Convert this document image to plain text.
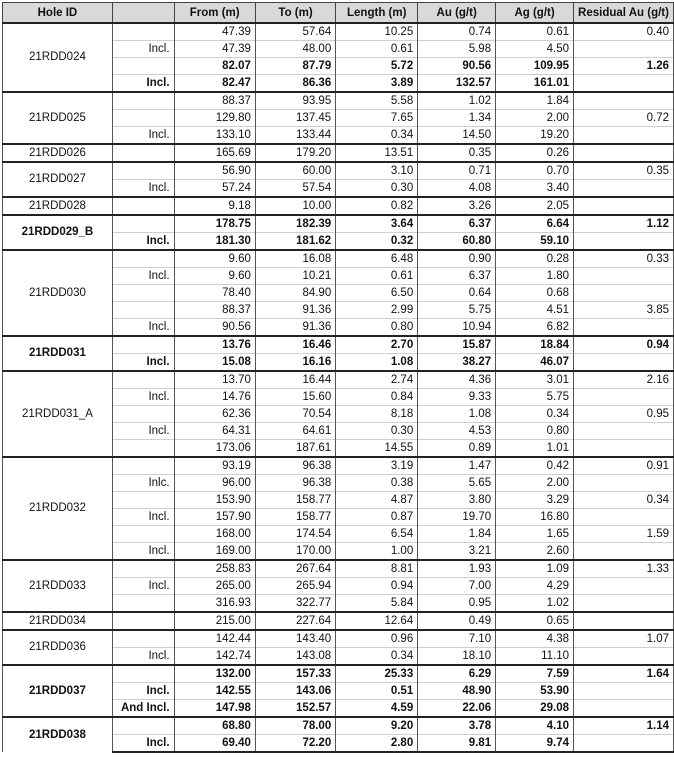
Hole ID		From (m)	To (m)	Length (m)	Au (g/t)	Ag (g/t)	Residual Au (g/t)
21RDD024		47.39	57.64	10.25	0.74	0.61	0.40
	Incl.	47.39	48.00	0.61	5.98	4.50	
		82.07	87.79	5.72	90.56	109.95	1.26
	Incl.	82.47	86.36	3.89	132.57	161.01	
21RDD025		88.37	93.95	5.58	1.02	1.84	
		129.80	137.45	7.65	1.34	2.00	0.72
	Incl.	133.10	133.44	0.34	14.50	19.20	
21RDD026		165.69	179.20	13.51	0.35	0.26	
21RDD027		56.90	60.00	3.10	0.71	0.70	0.35
	Incl.	57.24	57.54	0.30	4.08	3.40	
21RDD028		9.18	10.00	0.82	3.26	2.05	
21RDD029_B		178.75	182.39	3.64	6.37	6.64	1.12
	Incl.	181.30	181.62	0.32	60.80	59.10	
21RDD030		9.60	16.08	6.48	0.90	0.28	0.33
	Incl.	9.60	10.21	0.61	6.37	1.80	
		78.40	84.90	6.50	0.64	0.68	
		88.37	91.36	2.99	5.75	4.51	3.85
	Incl.	90.56	91.36	0.80	10.94	6.82	
21RDD031		13.76	16.46	2.70	15.87	18.84	0.94
	Incl.	15.08	16.16	1.08	38.27	46.07	
21RDD031_A		13.70	16.44	2.74	4.36	3.01	2.16
	Incl.	14.76	15.60	0.84	9.33	5.75	
		62.36	70.54	8.18	1.08	0.34	0.95
	Incl.	64.31	64.61	0.30	4.53	0.80	
		173.06	187.61	14.55	0.89	1.01	
21RDD032		93.19	96.38	3.19	1.47	0.42	0.91
	Inlc.	96.00	96.38	0.38	5.65	2.00	
		153.90	158.77	4.87	3.80	3.29	0.34
	Incl.	157.90	158.77	0.87	19.70	16.80	
		168.00	174.54	6.54	1.84	1.65	1.59
	Incl.	169.00	170.00	1.00	3.21	2.60	
21RDD033		258.83	267.64	8.81	1.93	1.09	1.33
	Incl.	265.00	265.94	0.94	7.00	4.29	
		316.93	322.77	5.84	0.95	1.02	
21RDD034		215.00	227.64	12.64	0.49	0.65	
21RDD036		142.44	143.40	0.96	7.10	4.38	1.07
	Incl.	142.74	143.08	0.34	18.10	11.10	
21RDD037		132.00	157.33	25.33	6.29	7.59	1.64
	Incl.	142.55	143.06	0.51	48.90	53.90	
	And Incl.	147.98	152.57	4.59	22.06	29.08	
21RDD038		68.80	78.00	9.20	3.78	4.10	1.14
	Incl.	69.40	72.20	2.80	9.81	9.74	
